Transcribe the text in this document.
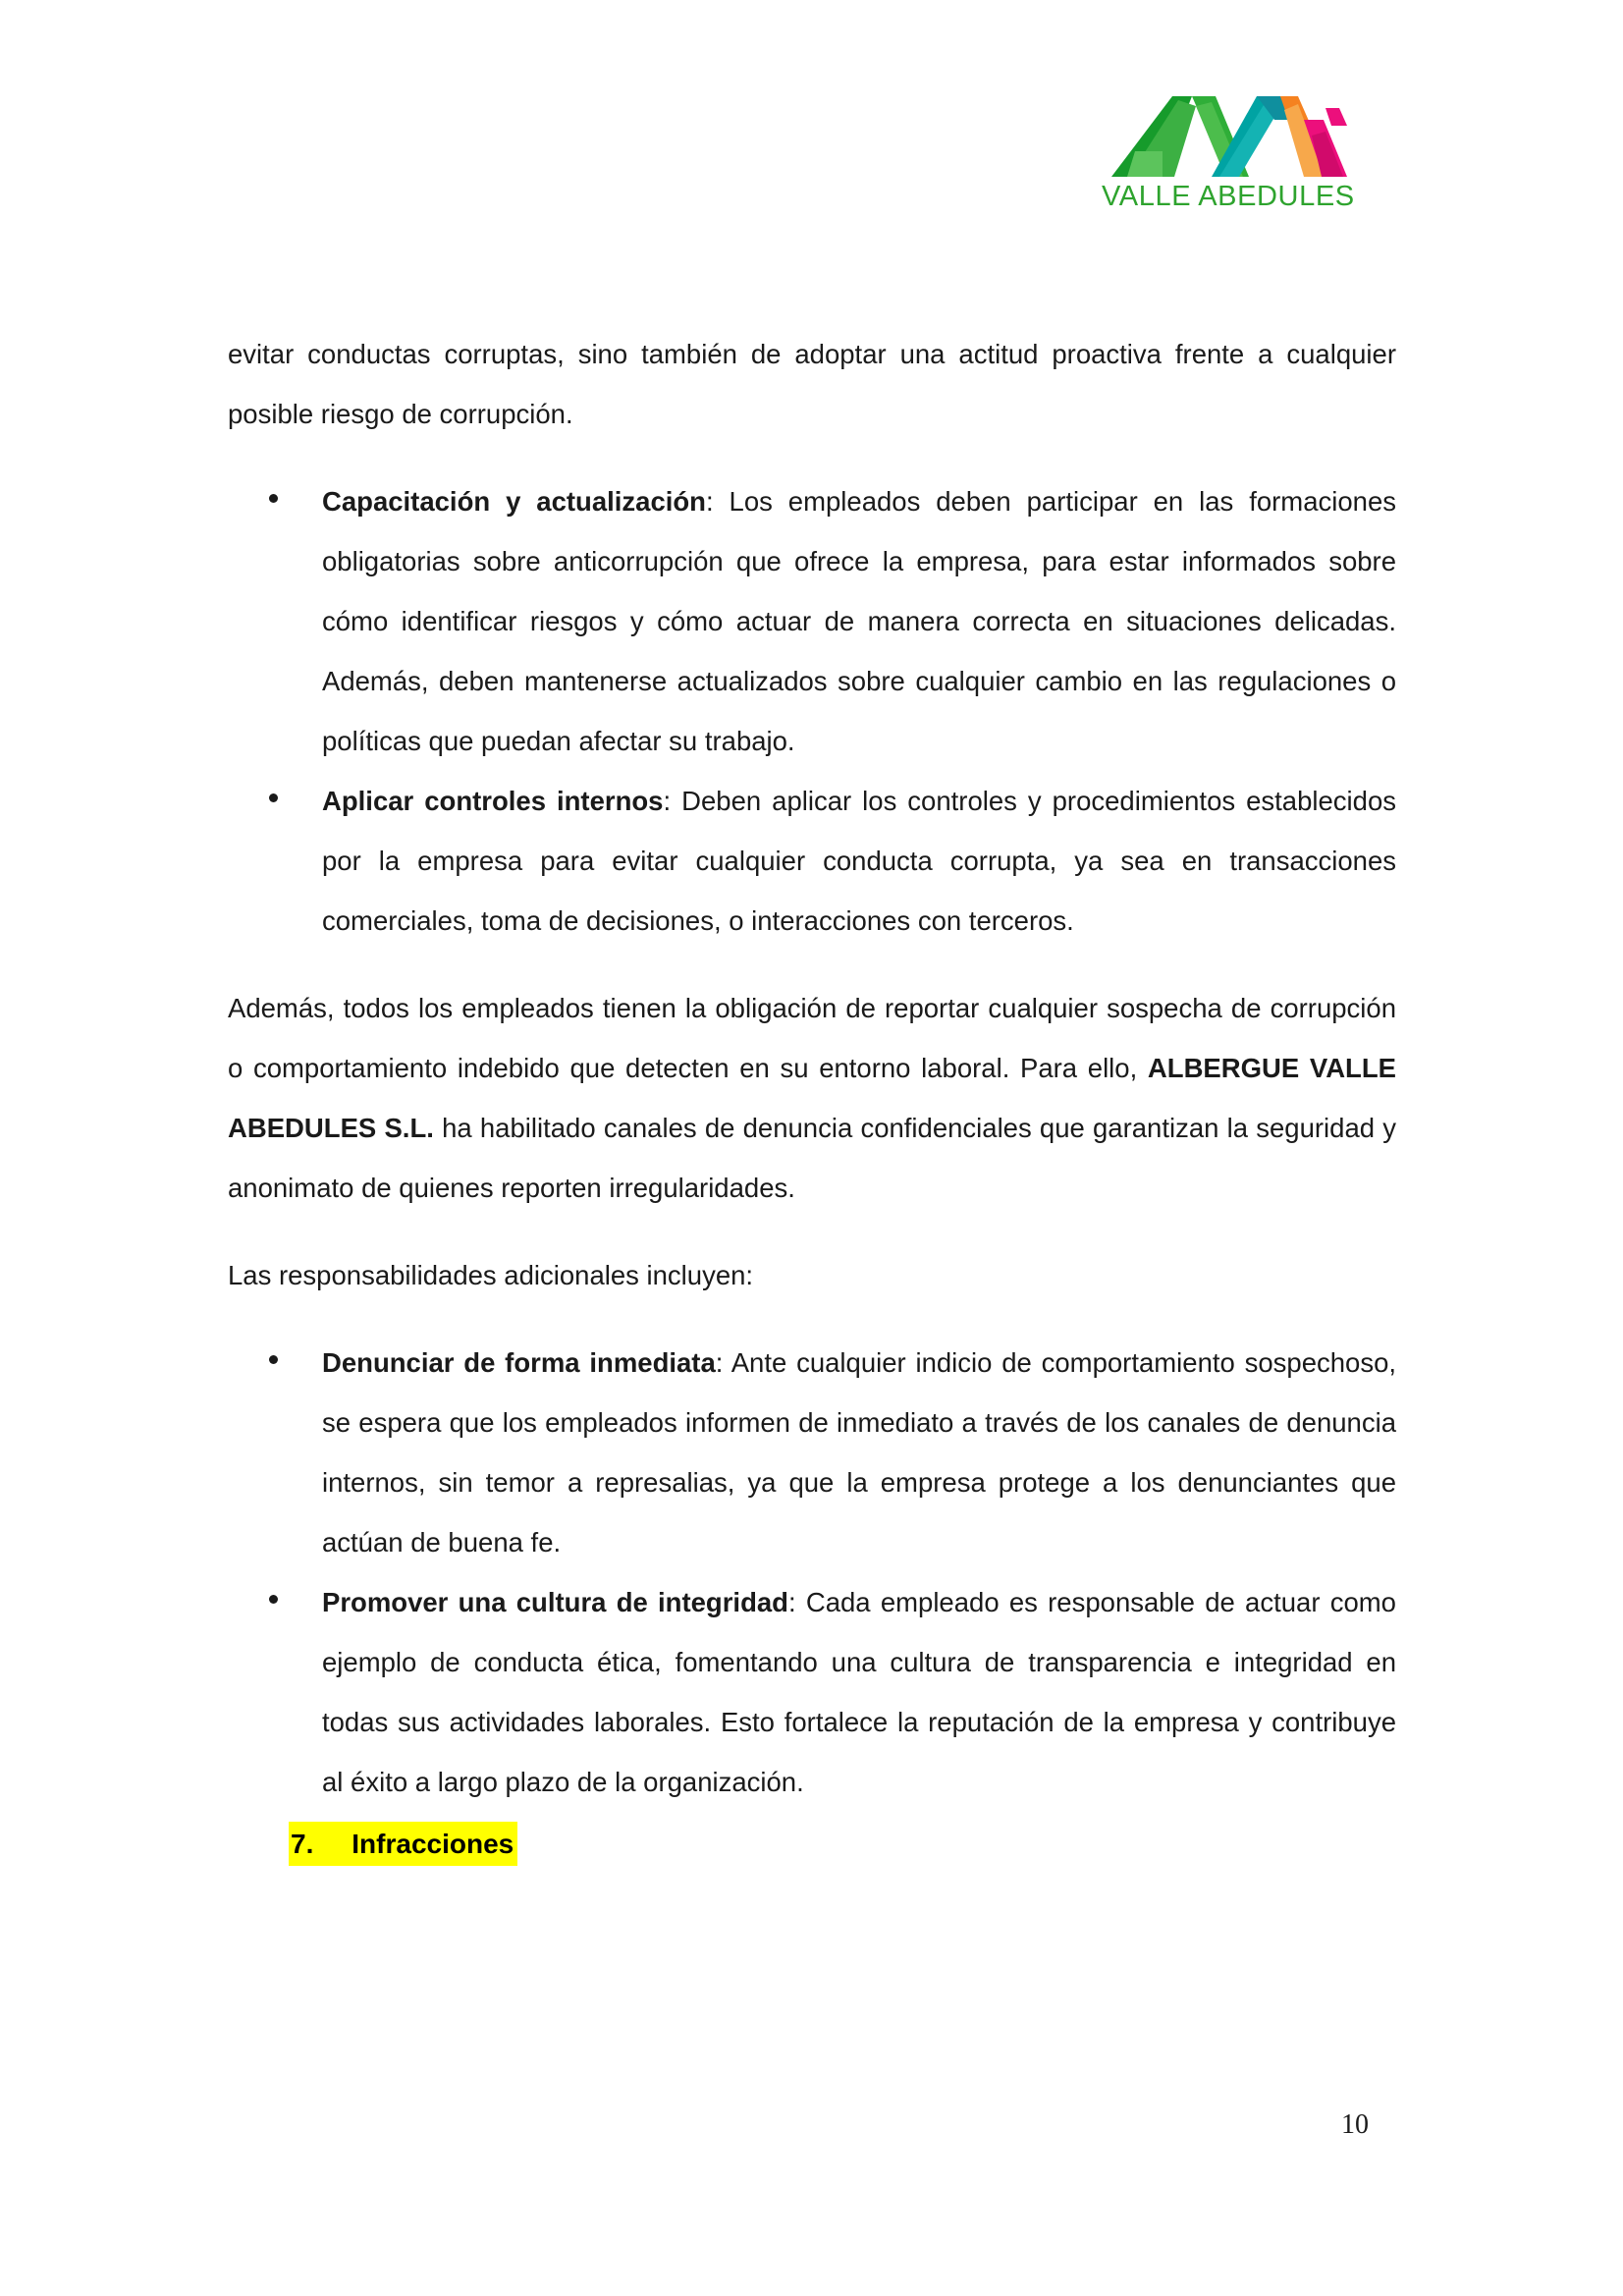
VALLE ABEDULES

evitar conductas corruptas, sino también de adoptar una actitud proactiva frente a cualquier posible riesgo de corrupción.

Capacitación y actualización: Los empleados deben participar en las formaciones obligatorias sobre anticorrupción que ofrece la empresa, para estar informados sobre cómo identificar riesgos y cómo actuar de manera correcta en situaciones delicadas. Además, deben mantenerse actualizados sobre cualquier cambio en las regulaciones o políticas que puedan afectar su trabajo.
Aplicar controles internos: Deben aplicar los controles y procedimientos establecidos por la empresa para evitar cualquier conducta corrupta, ya sea en transacciones comerciales, toma de decisiones, o interacciones con terceros.

Además, todos los empleados tienen la obligación de reportar cualquier sospecha de corrupción o comportamiento indebido que detecten en su entorno laboral. Para ello, ALBERGUE VALLE ABEDULES S.L. ha habilitado canales de denuncia confidenciales que garantizan la seguridad y anonimato de quienes reporten irregularidades.

Las responsabilidades adicionales incluyen:

Denunciar de forma inmediata: Ante cualquier indicio de comportamiento sospechoso, se espera que los empleados informen de inmediato a través de los canales de denuncia internos, sin temor a represalias, ya que la empresa protege a los denunciantes que actúan de buena fe.
Promover una cultura de integridad: Cada empleado es responsable de actuar como ejemplo de conducta ética, fomentando una cultura de transparencia e integridad en todas sus actividades laborales. Esto fortalece la reputación de la empresa y contribuye al éxito a largo plazo de la organización.
7. Infracciones
10
